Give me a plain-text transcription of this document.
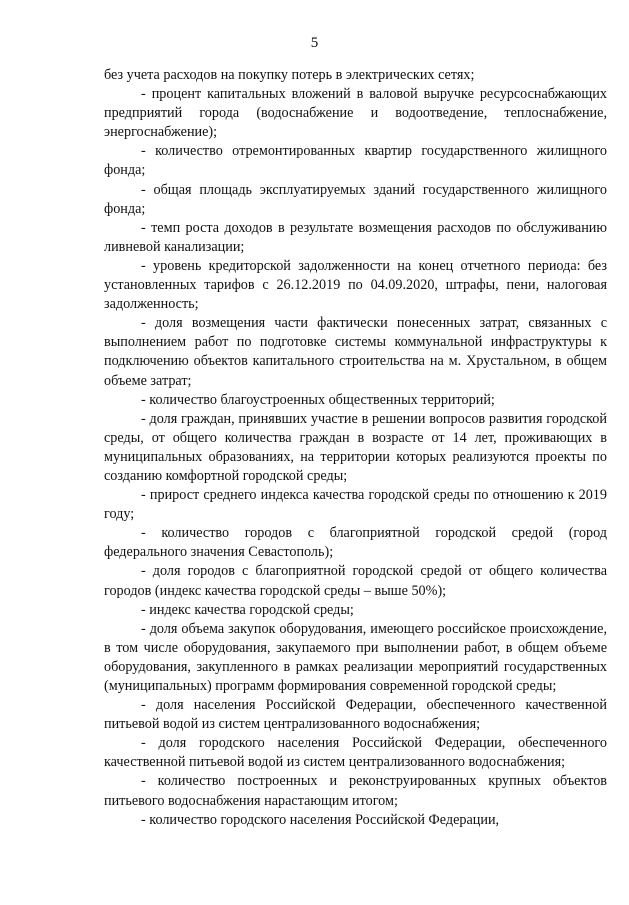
5

без учета расходов на покупку потерь в электрических сетях;

- процент капитальных вложений в валовой выручке ресурсоснабжающих предприятий города (водоснабжение и водоотведение, теплоснабжение, энергоснабжение);

- количество отремонтированных квартир государственного жилищного фонда;

- общая площадь эксплуатируемых зданий государственного жилищного фонда;

- темп роста доходов в результате возмещения расходов по обслуживанию ливневой канализации;

- уровень кредиторской задолженности на конец отчетного периода: без установленных тарифов с 26.12.2019 по 04.09.2020, штрафы, пени, налоговая задолженность;

- доля возмещения части фактически понесенных затрат, связанных с выполнением работ по подготовке системы коммунальной инфраструктуры к подключению объектов капитального строительства на м. Хрустальном, в общем объеме затрат;

- количество благоустроенных общественных территорий;

- доля граждан, принявших участие в решении вопросов развития городской среды, от общего количества граждан в возрасте от 14 лет, проживающих в муниципальных образованиях, на территории которых реализуются проекты по созданию комфортной городской среды;

- прирост среднего индекса качества городской среды по отношению к 2019 году;

- количество городов с благоприятной городской средой (город федерального значения Севастополь);

- доля городов с благоприятной городской средой от общего количества городов (индекс качества городской среды – выше 50%);

- индекс качества городской среды;

- доля объема закупок оборудования, имеющего российское происхождение, в том числе оборудования, закупаемого при выполнении работ, в общем объеме оборудования, закупленного в рамках реализации мероприятий государственных (муниципальных) программ формирования современной городской среды;

- доля населения Российской Федерации, обеспеченного качественной питьевой водой из систем централизованного водоснабжения;

- доля городского населения Российской Федерации, обеспеченного качественной питьевой водой из систем централизованного водоснабжения;

- количество построенных и реконструированных крупных объектов питьевого водоснабжения нарастающим итогом;

- количество городского населения Российской Федерации,
